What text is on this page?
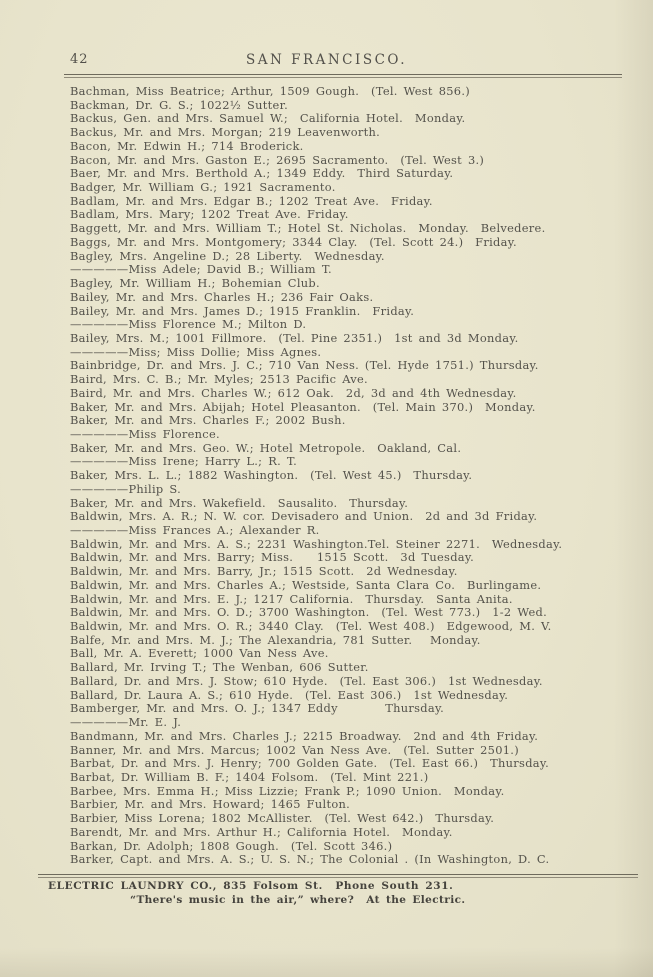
42	SAN FRANCISCO.
Bachman, Miss Beatrice; Arthur, 1509 Gough.  (Tel. West 856.)
Backman, Dr. G. S.; 1022½ Sutter.
Backus, Gen. and Mrs. Samuel W.;  California Hotel.  Monday.
Backus, Mr. and Mrs. Morgan; 219 Leavenworth.
Bacon, Mr. Edwin H.; 714 Broderick.
Bacon, Mr. and Mrs. Gaston E.; 2695 Sacramento.  (Tel. West 3.)
Baer, Mr. and Mrs. Berthold A.; 1349 Eddy.  Third Saturday.
Badger, Mr. William G.; 1921 Sacramento.
Badlam, Mr. and Mrs. Edgar B.; 1202 Treat Ave.  Friday.
Badlam, Mrs. Mary; 1202 Treat Ave. Friday.
Baggett, Mr. and Mrs. William T.; Hotel St. Nicholas.  Monday.  Belvedere.
Baggs, Mr. and Mrs. Montgomery; 3344 Clay.  (Tel. Scott 24.)  Friday.
Bagley, Mrs. Angeline D.; 28 Liberty.  Wednesday.
—————Miss Adele; David B.; William T.
Bagley, Mr. William H.; Bohemian Club.
Bailey, Mr. and Mrs. Charles H.; 236 Fair Oaks.
Bailey, Mr. and Mrs. James D.; 1915 Franklin.  Friday.
—————Miss Florence M.; Milton D.
Bailey, Mrs. M.; 1001 Fillmore.  (Tel. Pine 2351.)  1st and 3d Monday.
—————Miss; Miss Dollie; Miss Agnes.
Bainbridge, Dr. and Mrs. J. C.; 710 Van Ness. (Tel. Hyde 1751.) Thursday.
Baird, Mrs. C. B.; Mr. Myles; 2513 Pacific Ave.
Baird, Mr. and Mrs. Charles W.; 612 Oak.  2d, 3d and 4th Wednesday.
Baker, Mr. and Mrs. Abijah; Hotel Pleasanton.  (Tel. Main 370.)  Monday.
Baker, Mr. and Mrs. Charles F.; 2002 Bush.
—————Miss Florence.
Baker, Mr. and Mrs. Geo. W.; Hotel Metropole.  Oakland, Cal.
—————Miss Irene; Harry L.; R. T.
Baker, Mrs. L. L.; 1882 Washington.  (Tel. West 45.)  Thursday.
—————Philip S.
Baker, Mr. and Mrs. Wakefield.  Sausalito.  Thursday.
Baldwin, Mrs. A. R.; N. W. cor. Devisadero and Union.  2d and 3d Friday.
—————Miss Frances A.; Alexander R.
Baldwin, Mr. and Mrs. A. S.; 2231 Washington.Tel. Steiner 2271.  Wednesday.
Baldwin, Mr. and Mrs. Barry; Miss.    1515 Scott.  3d Tuesday.
Baldwin, Mr. and Mrs. Barry, Jr.; 1515 Scott.  2d Wednesday.
Baldwin, Mr. and Mrs. Charles A.; Westside, Santa Clara Co.  Burlingame.
Baldwin, Mr. and Mrs. E. J.; 1217 California.  Thursday.  Santa Anita.
Baldwin, Mr. and Mrs. O. D.; 3700 Washington.  (Tel. West 773.)  1-2 Wed.
Baldwin, Mr. and Mrs. O. R.; 3440 Clay.  (Tel. West 408.)  Edgewood, M. V.
Balfe, Mr. and Mrs. M. J.; The Alexandria, 781 Sutter.   Monday.
Ball, Mr. A. Everett; 1000 Van Ness Ave.
Ballard, Mr. Irving T.; The Wenban, 606 Sutter.
Ballard, Dr. and Mrs. J. Stow; 610 Hyde.  (Tel. East 306.)  1st Wednesday.
Ballard, Dr. Laura A. S.; 610 Hyde.  (Tel. East 306.)  1st Wednesday.
Bamberger, Mr. and Mrs. O. J.; 1347 Eddy        Thursday.
—————Mr. E. J.
Bandmann, Mr. and Mrs. Charles J.; 2215 Broadway.  2nd and 4th Friday.
Banner, Mr. and Mrs. Marcus; 1002 Van Ness Ave.  (Tel. Sutter 2501.)
Barbat, Dr. and Mrs. J. Henry; 700 Golden Gate.  (Tel. East 66.)  Thursday.
Barbat, Dr. William B. F.; 1404 Folsom.  (Tel. Mint 221.)
Barbee, Mrs. Emma H.; Miss Lizzie; Frank P.; 1090 Union.  Monday.
Barbier, Mr. and Mrs. Howard; 1465 Fulton.
Barbier, Miss Lorena; 1802 McAllister.  (Tel. West 642.)  Thursday.
Barendt, Mr. and Mrs. Arthur H.; California Hotel.  Monday.
Barkan, Dr. Adolph; 1808 Gough.  (Tel. Scott 346.)
Barker, Capt. and Mrs. A. S.; U. S. N.; The Colonial . (In Washington, D. C.
ELECTRIC LAUNDRY CO., 835 Folsom St.  Phone South 231.
“There's music in the air,” where?  At the Electric.
